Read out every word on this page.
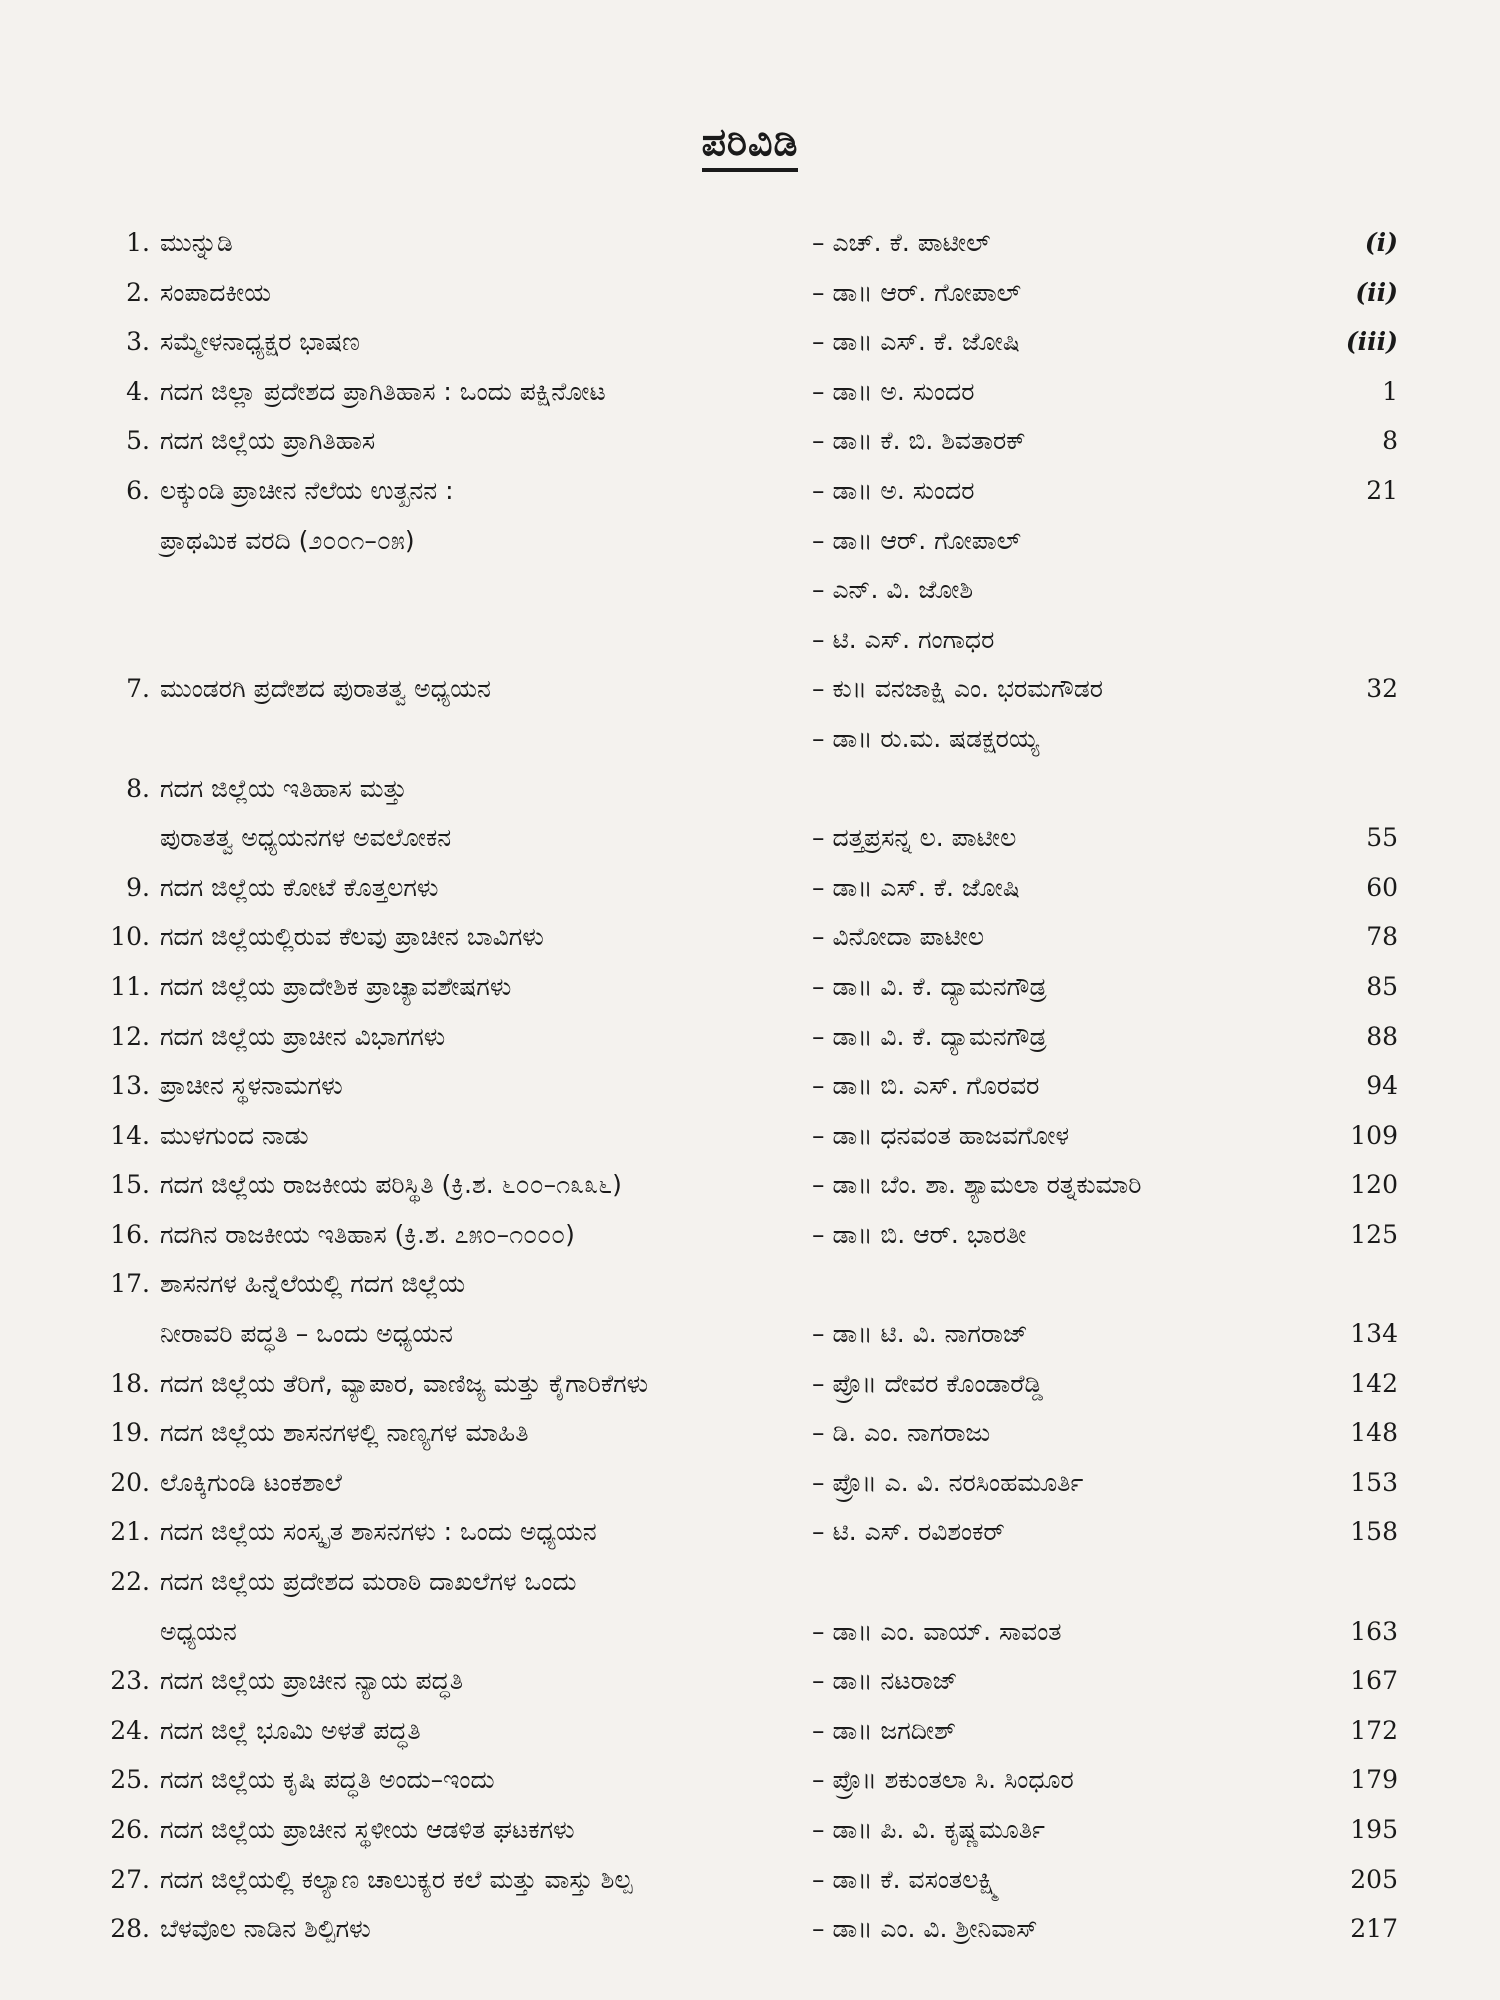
ಪರಿವಿಡಿ
1. ಮುನ್ನುಡಿ	– ಎಚ್. ಕೆ. ಪಾಟೀಲ್	(i)
2. ಸಂಪಾದಕೀಯ	– ಡಾ॥ ಆರ್. ಗೋಪಾಲ್	(ii)
3. ಸಮ್ಮೇಳನಾಧ್ಯಕ್ಷರ ಭಾಷಣ	– ಡಾ॥ ಎಸ್. ಕೆ. ಜೋಷಿ	(iii)
4. ಗದಗ ಜಿಲ್ಲಾ ಪ್ರದೇಶದ ಪ್ರಾಗಿತಿಹಾಸ : ಒಂದು ಪಕ್ಷಿನೋಟ	– ಡಾ॥ ಅ. ಸುಂದರ	1
5. ಗದಗ ಜಿಲ್ಲೆಯ ಪ್ರಾಗಿತಿಹಾಸ	– ಡಾ॥ ಕೆ. ಬಿ. ಶಿವತಾರಕ್	8
6. ಲಕ್ಕುಂಡಿ ಪ್ರಾಚೀನ ನೆಲೆಯ ಉತ್ಖನನ :	– ಡಾ॥ ಅ. ಸುಂದರ	21
ಪ್ರಾಥಮಿಕ ವರದಿ (೨೦೦೧–೦೫)	– ಡಾ॥ ಆರ್. ಗೋಪಾಲ್
– ಎನ್. ವಿ. ಜೋಶಿ
– ಟಿ. ಎಸ್. ಗಂಗಾಧರ
7. ಮುಂಡರಗಿ ಪ್ರದೇಶದ ಪುರಾತತ್ವ ಅಧ್ಯಯನ	– ಕು॥ ವನಜಾಕ್ಷಿ ಎಂ. ಭರಮಗೌಡರ	32
– ಡಾ॥ ರು.ಮ. ಷಡಕ್ಷರಯ್ಯ
8. ಗದಗ ಜಿಲ್ಲೆಯ ಇತಿಹಾಸ ಮತ್ತು
ಪುರಾತತ್ವ ಅಧ್ಯಯನಗಳ ಅವಲೋಕನ	– ದತ್ತಪ್ರಸನ್ನ ಲ. ಪಾಟೀಲ	55
9. ಗದಗ ಜಿಲ್ಲೆಯ ಕೋಟೆ ಕೊತ್ತಲಗಳು	– ಡಾ॥ ಎಸ್. ಕೆ. ಜೋಷಿ	60
10. ಗದಗ ಜಿಲ್ಲೆಯಲ್ಲಿರುವ ಕೆಲವು ಪ್ರಾಚೀನ ಬಾವಿಗಳು	– ವಿನೋದಾ ಪಾಟೀಲ	78
11. ಗದಗ ಜಿಲ್ಲೆಯ ಪ್ರಾದೇಶಿಕ ಪ್ರಾಚ್ಯಾವಶೇಷಗಳು	– ಡಾ॥ ವಿ. ಕೆ. ದ್ಯಾಮನಗೌಡ್ರ	85
12. ಗದಗ ಜಿಲ್ಲೆಯ ಪ್ರಾಚೀನ ವಿಭಾಗಗಳು	– ಡಾ॥ ವಿ. ಕೆ. ದ್ಯಾಮನಗೌಡ್ರ	88
13. ಪ್ರಾಚೀನ ಸ್ಥಳನಾಮಗಳು	– ಡಾ॥ ಬಿ. ಎಸ್. ಗೊರವರ	94
14. ಮುಳಗುಂದ ನಾಡು	– ಡಾ॥ ಧನವಂತ ಹಾಜವಗೋಳ	109
15. ಗದಗ ಜಿಲ್ಲೆಯ ರಾಜಕೀಯ ಪರಿಸ್ಥಿತಿ (ಕ್ರಿ.ಶ. ೬೦೦–೧೩೩೬)	– ಡಾ॥ ಬೆಂ. ಶಾ. ಶ್ಯಾಮಲಾ ರತ್ನಕುಮಾರಿ	120
16. ಗದಗಿನ ರಾಜಕೀಯ ಇತಿಹಾಸ (ಕ್ರಿ.ಶ. ೭೫೦–೧೦೦೦)	– ಡಾ॥ ಬಿ. ಆರ್. ಭಾರತೀ	125
17. ಶಾಸನಗಳ ಹಿನ್ನೆಲೆಯಲ್ಲಿ ಗದಗ ಜಿಲ್ಲೆಯ
ನೀರಾವರಿ ಪದ್ಧತಿ – ಒಂದು ಅಧ್ಯಯನ	– ಡಾ॥ ಟಿ. ವಿ. ನಾಗರಾಜ್	134
18. ಗದಗ ಜಿಲ್ಲೆಯ ತೆರಿಗೆ, ವ್ಯಾಪಾರ, ವಾಣಿಜ್ಯ ಮತ್ತು ಕೈಗಾರಿಕೆಗಳು	– ಪ್ರೊ॥ ದೇವರ ಕೊಂಡಾರೆಡ್ಡಿ	142
19. ಗದಗ ಜಿಲ್ಲೆಯ ಶಾಸನಗಳಲ್ಲಿ ನಾಣ್ಯಗಳ ಮಾಹಿತಿ	– ಡಿ. ಎಂ. ನಾಗರಾಜು	148
20. ಲೊಕ್ಕಿಗುಂಡಿ ಟಂಕಶಾಲೆ	– ಪ್ರೊ॥ ಎ. ವಿ. ನರಸಿಂಹಮೂರ್ತಿ	153
21. ಗದಗ ಜಿಲ್ಲೆಯ ಸಂಸ್ಕೃತ ಶಾಸನಗಳು : ಒಂದು ಅಧ್ಯಯನ	– ಟಿ. ಎಸ್. ರವಿಶಂಕರ್	158
22. ಗದಗ ಜಿಲ್ಲೆಯ ಪ್ರದೇಶದ ಮರಾಠಿ ದಾಖಲೆಗಳ ಒಂದು
ಅಧ್ಯಯನ	– ಡಾ॥ ಎಂ. ವಾಯ್. ಸಾವಂತ	163
23. ಗದಗ ಜಿಲ್ಲೆಯ ಪ್ರಾಚೀನ ನ್ಯಾಯ ಪದ್ಧತಿ	– ಡಾ॥ ನಟರಾಜ್	167
24. ಗದಗ ಜಿಲ್ಲೆ ಭೂಮಿ ಅಳತೆ ಪದ್ಧತಿ	– ಡಾ॥ ಜಗದೀಶ್	172
25. ಗದಗ ಜಿಲ್ಲೆಯ ಕೃಷಿ ಪದ್ಧತಿ ಅಂದು–ಇಂದು	– ಪ್ರೊ॥ ಶಕುಂತಲಾ ಸಿ. ಸಿಂಧೂರ	179
26. ಗದಗ ಜಿಲ್ಲೆಯ ಪ್ರಾಚೀನ ಸ್ಥಳೀಯ ಆಡಳಿತ ಘಟಕಗಳು	– ಡಾ॥ ಪಿ. ವಿ. ಕೃಷ್ಣಮೂರ್ತಿ	195
27. ಗದಗ ಜಿಲ್ಲೆಯಲ್ಲಿ ಕಲ್ಯಾಣ ಚಾಲುಕ್ಯರ ಕಲೆ ಮತ್ತು ವಾಸ್ತು ಶಿಲ್ಪ	– ಡಾ॥ ಕೆ. ವಸಂತಲಕ್ಷ್ಮಿ	205
28. ಬೆಳವೊಲ ನಾಡಿನ ಶಿಲ್ಪಿಗಳು	– ಡಾ॥ ಎಂ. ವಿ. ಶ್ರೀನಿವಾಸ್	217
